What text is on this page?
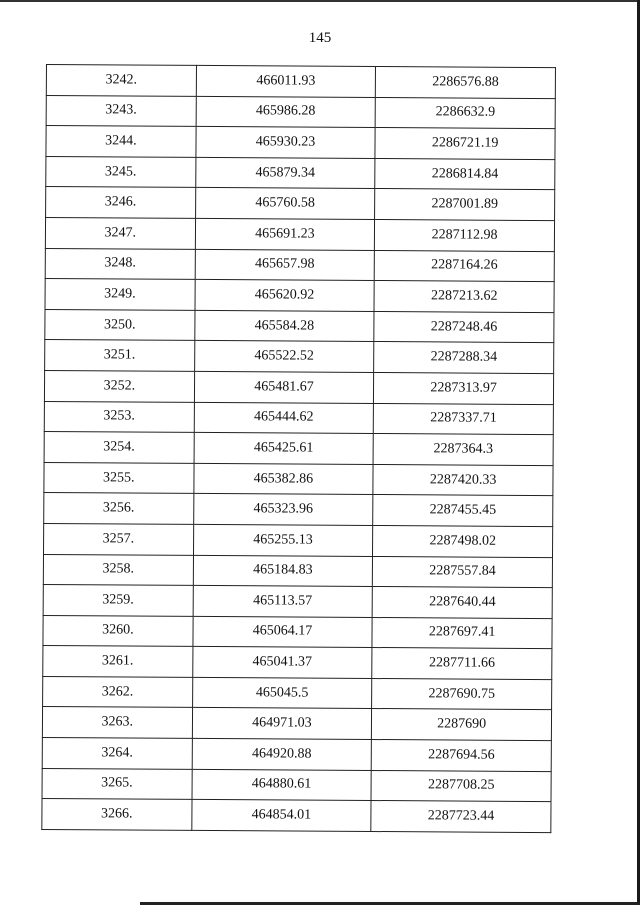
145
3242.	466011.93	2286576.88
3243.	465986.28	2286632.9
3244.	465930.23	2286721.19
3245.	465879.34	2286814.84
3246.	465760.58	2287001.89
3247.	465691.23	2287112.98
3248.	465657.98	2287164.26
3249.	465620.92	2287213.62
3250.	465584.28	2287248.46
3251.	465522.52	2287288.34
3252.	465481.67	2287313.97
3253.	465444.62	2287337.71
3254.	465425.61	2287364.3
3255.	465382.86	2287420.33
3256.	465323.96	2287455.45
3257.	465255.13	2287498.02
3258.	465184.83	2287557.84
3259.	465113.57	2287640.44
3260.	465064.17	2287697.41
3261.	465041.37	2287711.66
3262.	465045.5	2287690.75
3263.	464971.03	2287690
3264.	464920.88	2287694.56
3265.	464880.61	2287708.25
3266.	464854.01	2287723.44
